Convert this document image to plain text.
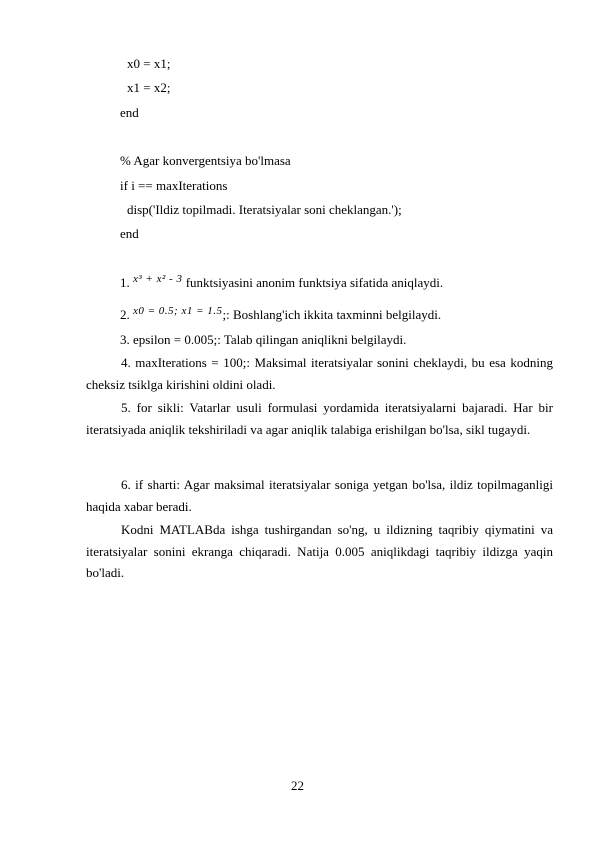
x0 = x1;
x1 = x2;
end
% Agar konvergentsiya bo'lmasa
if i == maxIterations
disp('Ildiz topilmadi. Iteratsiyalar soni cheklangan.');
end
1. $^{x^3 + x^2 - 3}$ funktsiyasini anonim funktsiya sifatida aniqlaydi.
2. $^{x0 = 0.5; x1 = 1.5}$;: Boshlang'ich ikkita taxminni belgilaydi.
3. epsilon = 0.005;: Talab qilingan aniqlikni belgilaydi.
4. maxIterations = 100;: Maksimal iteratsiyalar sonini cheklaydi, bu esa kodning cheksiz tsiklga kirishini oldini oladi.
5. for sikli: Vatarlar usuli formulasi yordamida iteratsiyalarni bajaradi. Har bir iteratsiyada aniqlik tekshiriladi va agar aniqlik talabiga erishilgan bo'lsa, sikl tugaydi.
6. if sharti: Agar maksimal iteratsiyalar soniga yetgan bo'lsa, ildiz topilmaganligi haqida xabar beradi.
Kodni MATLABda ishga tushirgandan so'ng, u ildizning taqribiy qiymatini va iteratsiyalar sonini ekranga chiqaradi. Natija 0.005 aniqlikdagi taqribiy ildizga yaqin bo'ladi.
22
